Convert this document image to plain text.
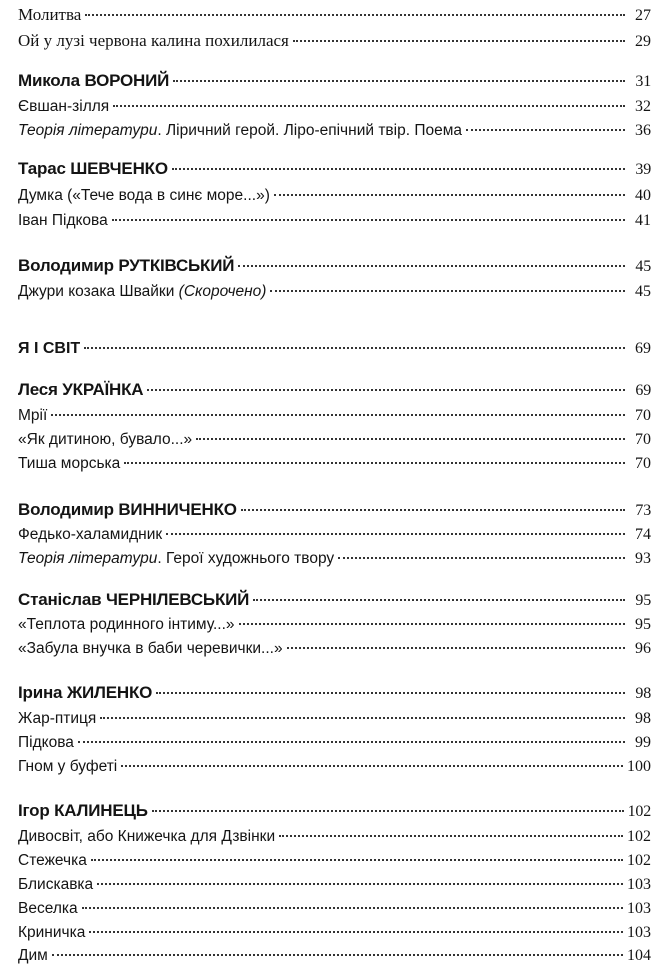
Молитва	27
Ой у лузі червона калина похилилася	29
Микола ВОРОНИЙ	31
Євшан-зілля	32
Теорія літератури. Ліричний герой. Ліро-епічний твір. Поема	36
Тарас ШЕВЧЕНКО	39
Думка («Тече вода в синє море...»)	40
Іван Підкова	41
Володимир РУТКІВСЬКИЙ	45
Джури козака Швайки (Скорочено)	45
Я І СВІТ	69
Леся УКРАЇНКА	69
Мрії	70
«Як дитиною, бувало...»	70
Тиша морська	70
Володимир ВИННИЧЕНКО	73
Федько-халамидник	74
Теорія літератури. Герої художнього твору	93
Станіслав ЧЕРНІЛЕВСЬКИЙ	95
«Теплота родинного інтиму...»	95
«Забула внучка в баби черевички...»	96
Ірина ЖИЛЕНКО	98
Жар-птиця	98
Підкова	99
Гном у буфеті	100
Ігор КАЛИНЕЦЬ	102
Дивосвіт, або Книжечка для Дзвінки	102
Стежечка	102
Блискавка	103
Веселка	103
Криничка	103
Дим	104
